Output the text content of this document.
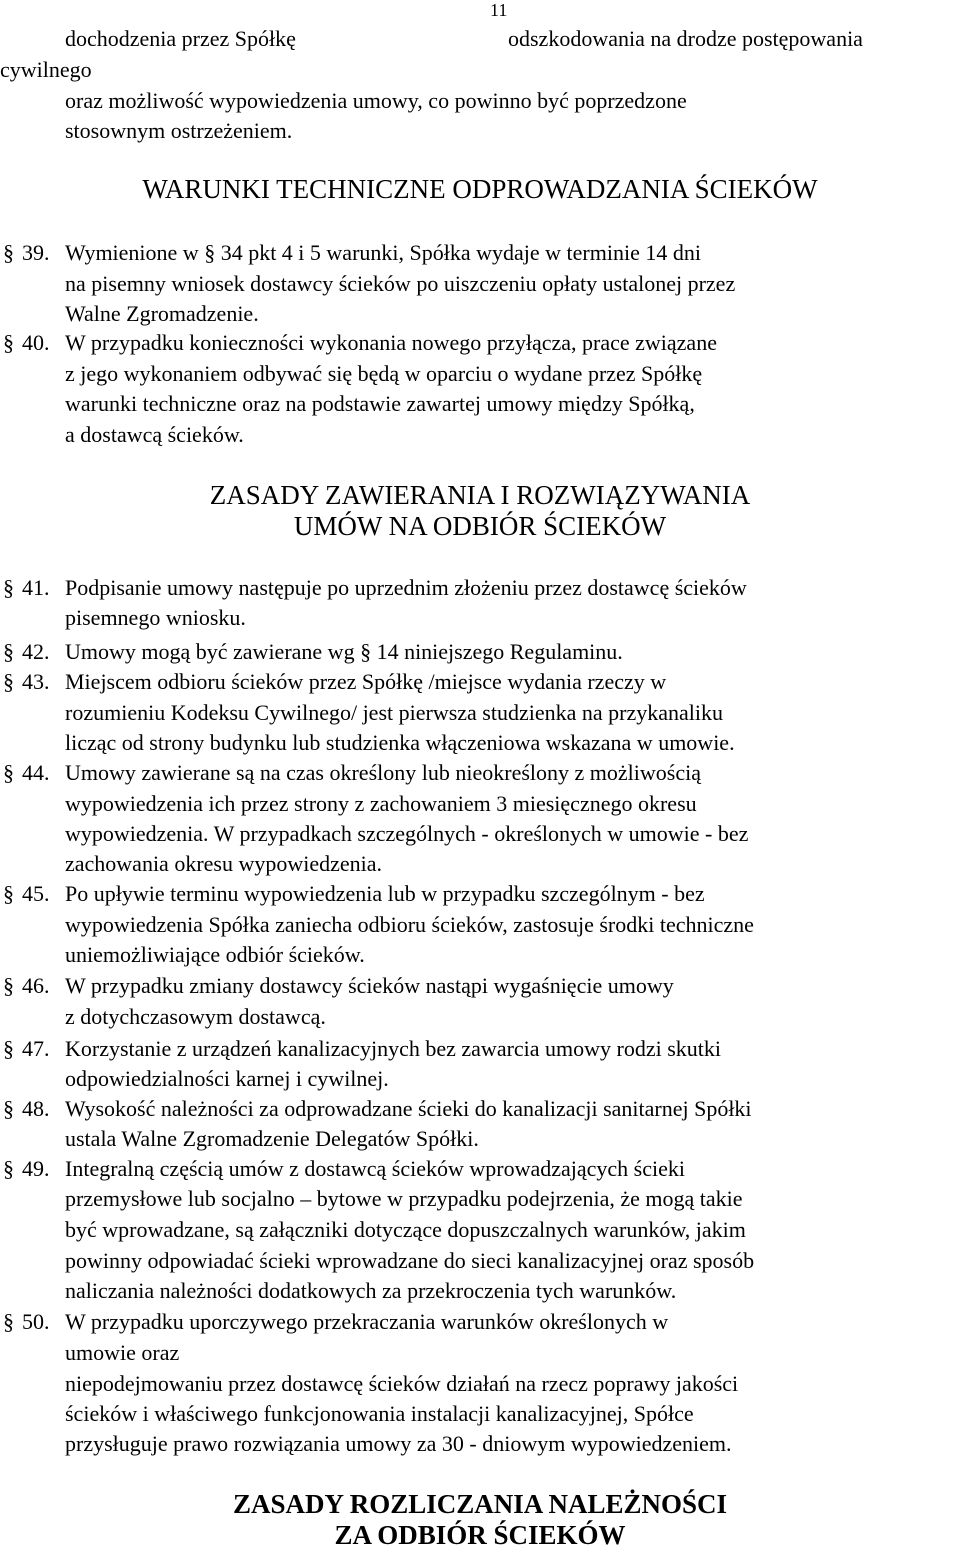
11
dochodzenia przez Spółkę	odszkodowania na drodze postępowania
cywilnego
oraz możliwość wypowiedzenia umowy, co powinno być poprzedzone
stosownym ostrzeżeniem.
WARUNKI TECHNICZNE ODPROWADZANIA ŚCIEKÓW
§ 39. Wymienione w § 34 pkt 4 i 5 warunki, Spółka wydaje w terminie 14 dni
na pisemny wniosek dostawcy ścieków po uiszczeniu opłaty ustalonej przez
Walne Zgromadzenie.
§ 40. W przypadku konieczności wykonania nowego przyłącza, prace związane
z jego wykonaniem odbywać się będą w oparciu o wydane przez Spółkę
warunki techniczne oraz na podstawie zawartej umowy między Spółką,
a dostawcą ścieków.
ZASADY ZAWIERANIA I ROZWIĄZYWANIA
UMÓW NA ODBIÓR ŚCIEKÓW
§ 41. Podpisanie umowy następuje po uprzednim złożeniu przez dostawcę ścieków
pisemnego wniosku.
§ 42. Umowy mogą być zawierane wg § 14 niniejszego Regulaminu.
§ 43. Miejscem odbioru ścieków przez Spółkę /miejsce wydania rzeczy w
rozumieniu Kodeksu Cywilnego/ jest pierwsza studzienka na przykanaliku
licząc od strony budynku lub studzienka włączeniowa wskazana w umowie.
§ 44. Umowy zawierane są na czas określony lub nieokreślony z możliwością
wypowiedzenia ich przez strony z zachowaniem 3 miesięcznego okresu
wypowiedzenia. W przypadkach szczególnych - określonych w umowie - bez
zachowania okresu wypowiedzenia.
§ 45. Po upływie terminu wypowiedzenia lub w przypadku szczególnym - bez
wypowiedzenia Spółka zaniecha odbioru ścieków, zastosuje środki techniczne
uniemożliwiające odbiór ścieków.
§ 46. W przypadku zmiany dostawcy ścieków nastąpi wygaśnięcie umowy
z dotychczasowym dostawcą.
§ 47. Korzystanie z urządzeń kanalizacyjnych bez zawarcia umowy rodzi skutki
odpowiedzialności karnej i cywilnej.
§ 48. Wysokość należności za odprowadzane ścieki do kanalizacji sanitarnej Spółki
ustala Walne Zgromadzenie Delegatów Spółki.
§ 49. Integralną częścią umów z dostawcą ścieków wprowadzających ścieki
przemysłowe lub socjalno – bytowe w przypadku podejrzenia, że mogą takie
być wprowadzane, są załączniki dotyczące dopuszczalnych warunków, jakim
powinny odpowiadać ścieki wprowadzane do sieci kanalizacyjnej oraz sposób
naliczania należności dodatkowych za przekroczenia tych warunków.
§ 50. W przypadku uporczywego przekraczania warunków określonych w
umowie oraz
niepodejmowaniu przez dostawcę ścieków działań na rzecz poprawy jakości
ścieków i właściwego funkcjonowania instalacji kanalizacyjnej, Spółce
przysługuje prawo rozwiązania umowy za 30 - dniowym wypowiedzeniem.
ZASADY ROZLICZANIA NALEŻNOŚCI
ZA ODBIÓR ŚCIEKÓW
